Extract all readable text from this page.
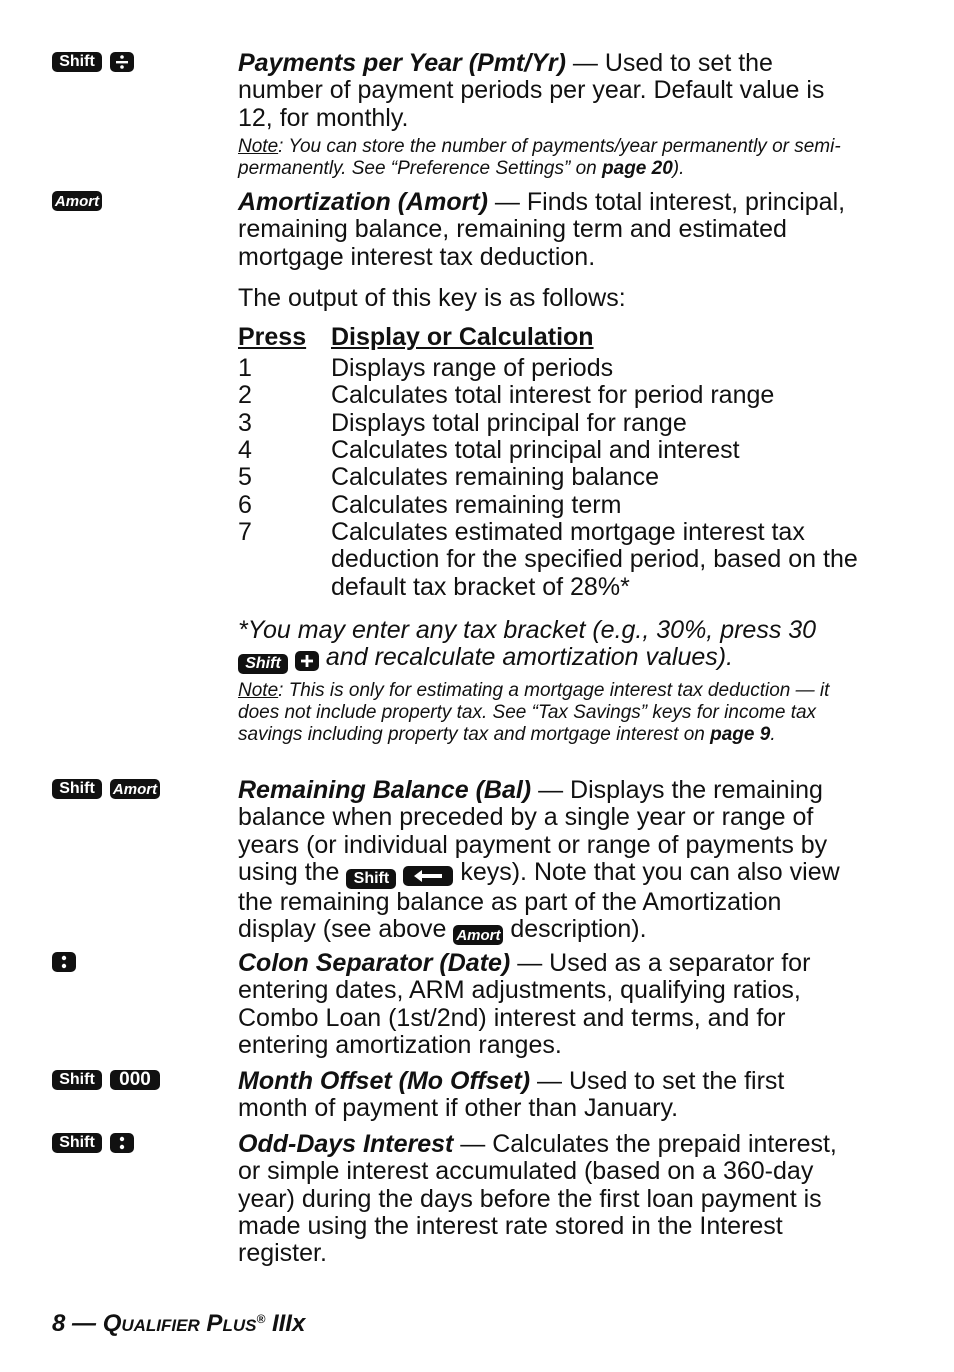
Shift	Payments per Year (Pmt/Yr) — Used to set the number of payment periods per year. Default value is 12, for monthly.
Note: You can store the number of payments/year permanently or semi-permanently. See “Preference Settings” on page 20).
Amort	Amortization (Amort) — Finds total interest, principal, remaining balance, remaining term and estimated mortgage interest tax deduction.
The output of this key is as follows:
Press	Display or Calculation
1	Displays range of periods
2	Calculates total interest for period range
3	Displays total principal for range
4	Calculates total principal and interest
5	Calculates remaining balance
6	Calculates remaining term
7	Calculates estimated mortgage interest tax deduction for the specified period, based on the default tax bracket of 28%*
*You may enter any tax bracket (e.g., 30%, press 30 Shift and recalculate amortization values).
Note: This is only for estimating a mortgage interest tax deduction — it does not include property tax. See “Tax Savings” keys for income tax savings including property tax and mortgage interest on page 9.
Shift	Amort	Remaining Balance (Bal) — Displays the remaining balance when preceded by a single year or range of years (or individual payment or range of payments by using the Shift	keys). Note that you can also view the remaining balance as part of the Amortization display (see above Amort description).
Colon Separator (Date) — Used as a separator for entering dates, ARM adjustments, qualifying ratios, Combo Loan (1st/2nd) interest and terms, and for entering amortization ranges.
Shift	000	Month Offset (Mo Offset) — Used to set the first month of payment if other than January.
Shift	Odd-Days Interest — Calculates the prepaid interest, or simple interest accumulated (based on a 360-day year) during the days before the first loan payment is made using the interest rate stored in the Interest register.
8 — QUALIFIER PLUS® IIIx
